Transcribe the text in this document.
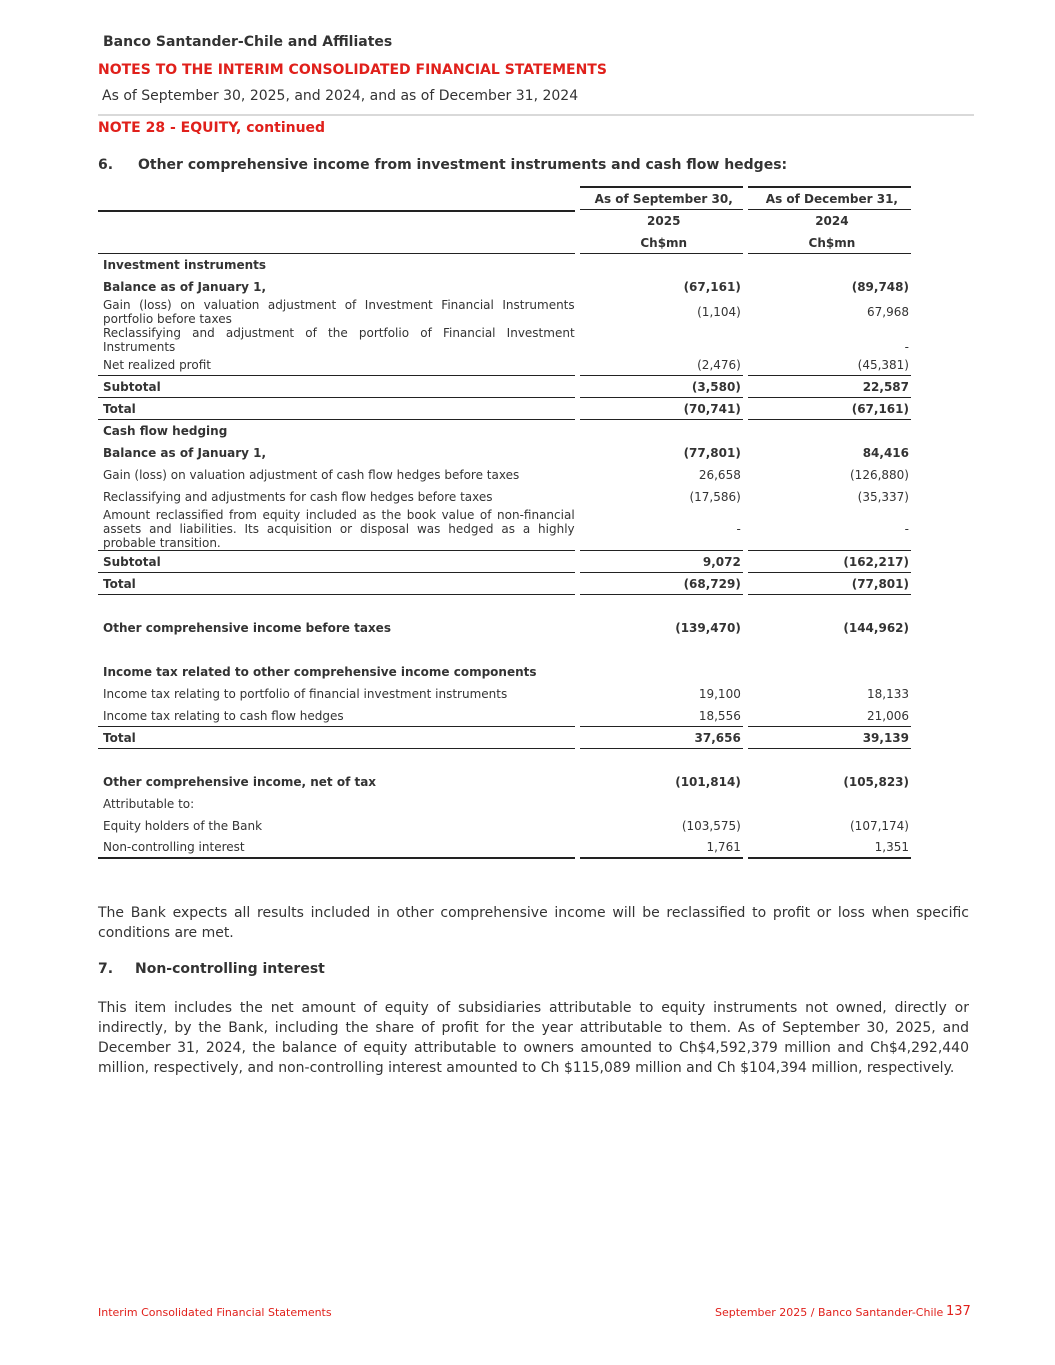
Banco Santander-Chile and Affiliates
NOTES TO THE INTERIM CONSOLIDATED FINANCIAL STATEMENTS
As of September 30, 2025, and 2024, and as of December 31, 2024
NOTE 28 - EQUITY, continued
6. Other comprehensive income from investment instruments and cash flow hedges:
		As of September 30,		As of December 31,
		2025		2024
		Ch$mn		Ch$mn
Investment instruments				
Balance as of January 1,		(67,161)		(89,748)
Gain (loss) on valuation adjustment of Investment Financial Instruments portfolio before taxes		(1,104)		67,968
Reclassifying and adjustment of the portfolio of Financial Investment Instruments				-
Net realized profit		(2,476)		(45,381)
Subtotal		(3,580)		22,587
Total		(70,741)		(67,161)
Cash flow hedging				
Balance as of January 1,		(77,801)		84,416
Gain (loss) on valuation adjustment of cash flow hedges before taxes		26,658		(126,880)
Reclassifying and adjustments for cash flow hedges before taxes		(17,586)		(35,337)
Amount reclassified from equity included as the book value of non-financial assets and liabilities. Its acquisition or disposal was hedged as a highly probable transition.		-		-
Subtotal		9,072		(162,217)
Total		(68,729)		(77,801)

Other comprehensive income before taxes		(139,470)		(144,962)

Income tax related to other comprehensive income components				
Income tax relating to portfolio of financial investment instruments		19,100		18,133
Income tax relating to cash flow hedges		18,556		21,006
Total		37,656		39,139

Other comprehensive income, net of tax		(101,814)		(105,823)
Attributable to:				
Equity holders of the Bank		(103,575)		(107,174)
Non-controlling interest		1,761		1,351
The Bank expects all results included in other comprehensive income will be reclassified to profit or loss when specific conditions are met.
7. Non-controlling interest
This item includes the net amount of equity of subsidiaries attributable to equity instruments not owned, directly or indirectly, by the Bank, including the share of profit for the year attributable to them. As of September 30, 2025, and December 31, 2024, the balance of equity attributable to owners amounted to Ch$4,592,379 million and Ch$4,292,440 million, respectively, and non-controlling interest amounted to Ch $115,089 million and Ch $104,394 million, respectively.
Interim Consolidated Financial Statements	September 2025 / Banco Santander-Chile 137
